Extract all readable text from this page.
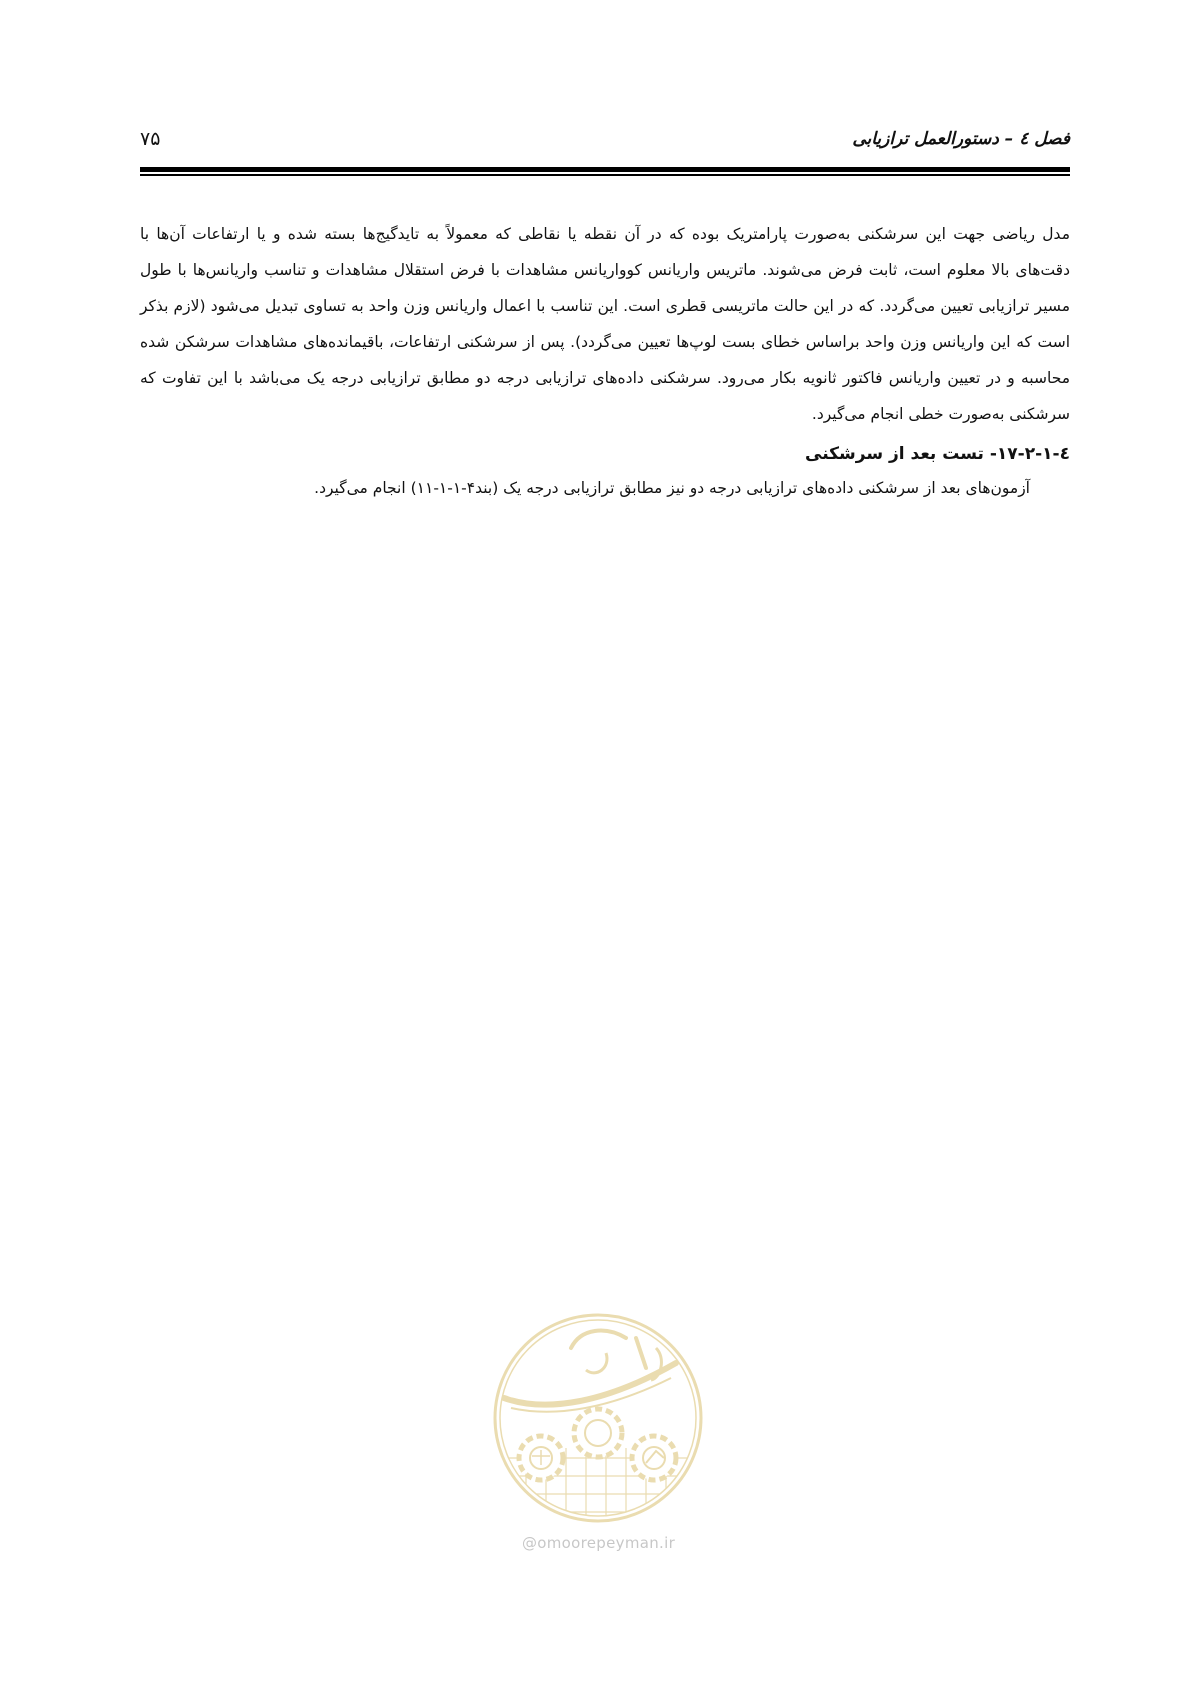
فصل ٤ – دستورالعمل ترازیابی
۷۵

مدل ریاضی جهت این سرشکنی به‌صورت پارامتریک بوده که در آن نقطه یا نقاطی که معمولاً به تایدگیج‌ها بسته شده و یا ارتفاعات آن‌ها با دقت‌های بالا معلوم است، ثابت فرض می‌شوند. ماتریس واریانس کوواریانس مشاهدات با فرض استقلال مشاهدات و تناسب واریانس‌ها با طول مسیر ترازیابی تعیین می‌گردد. که در این حالت ماتریسی قطری است. این تناسب با اعمال واریانس وزن واحد به تساوی تبدیل می‌شود (لازم بذکر است که این واریانس وزن واحد براساس خطای بست لوپ‌ها تعیین می‌گردد). پس از سرشکنی ارتفاعات، باقیمانده‌های مشاهدات سرشکن شده محاسبه و در تعیین واریانس فاکتور ثانویه بکار می‌رود. سرشکنی داده‌های ترازیابی درجه دو مطابق ترازیابی درجه یک می‌باشد با این تفاوت که سرشکنی به‌صورت خطی انجام می‌گیرد.

٤-١-٢-١٧- تست بعد از سرشکنی

آزمون‌های بعد از سرشکنی داده‌های ترازیابی درجه دو نیز مطابق ترازیابی درجه یک (بند۴-۱-۱-۱۱) انجام می‌گیرد.

@omoorepeyman.ir
